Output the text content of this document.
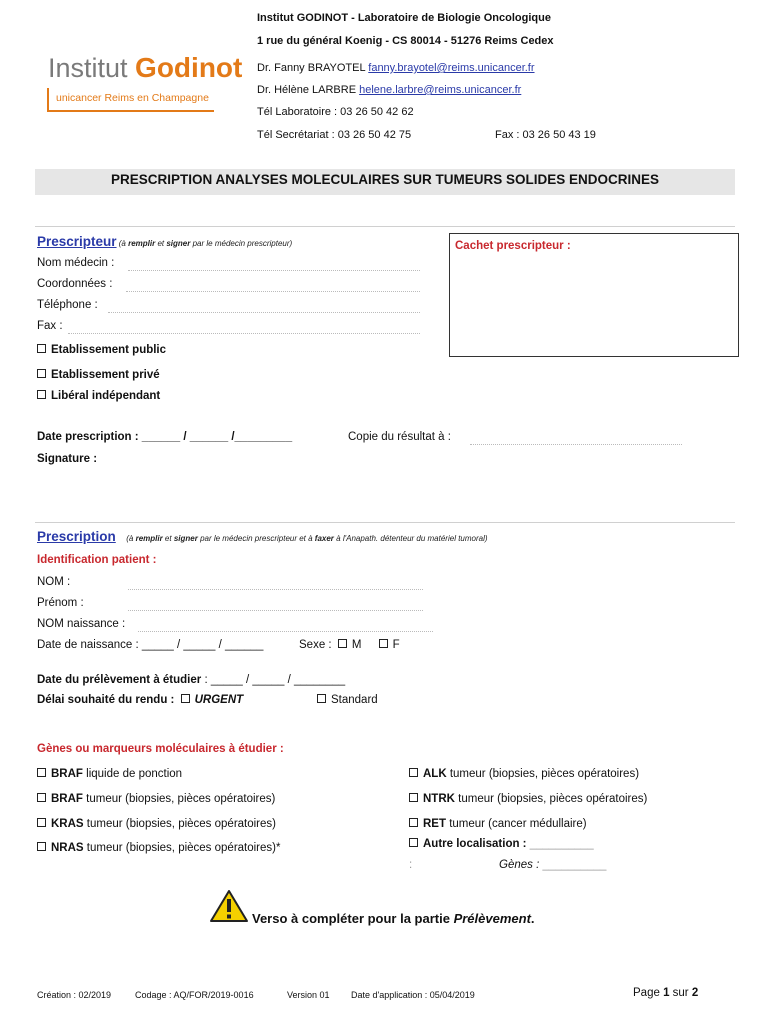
Institut GODINOT - Laboratoire de Biologie Oncologique
1 rue du général Koenig - CS 80014 - 51276 Reims Cedex
Dr. Fanny BRAYOTEL fanny.brayotel@reims.unicancer.fr
Dr. Hélène LARBRE helene.larbre@reims.unicancer.fr
Tél Laboratoire : 03 26 50 42 62
Tél Secrétariat : 03 26 50 42 75	Fax : 03 26 50 43 19
Institut Godinot
unicancer Reims en Champagne
PRESCRIPTION ANALYSES MOLECULAIRES SUR TUMEURS SOLIDES ENDOCRINES
Prescripteur (à remplir et signer par le médecin prescripteur)	Cachet prescripteur :
Nom médecin :
Coordonnées :
Téléphone :
Fax :
Etablissement public
Etablissement privé
Libéral indépendant
Date prescription : ______ / ______ /_________	Copie du résultat à :
Signature :
Prescription (à remplir et signer par le médecin prescripteur et à faxer à l'Anapath. détenteur du matériel tumoral)
Identification patient :
NOM :
Prénom :
NOM naissance :
Date de naissance : _____ / _____ / ______	Sexe : M	F
Date du prélèvement à étudier : _____ / _____ / ________
Délai souhaité du rendu : URGENT	Standard
Gènes ou marqueurs moléculaires à étudier :
BRAF liquide de ponction
BRAF tumeur (biopsies, pièces opératoires)
KRAS tumeur (biopsies, pièces opératoires)
NRAS tumeur (biopsies, pièces opératoires)*
ALK tumeur (biopsies, pièces opératoires)
NTRK tumeur (biopsies, pièces opératoires)
RET tumeur (cancer médullaire)
Autre localisation : __________
:	Gènes : __________
Verso à compléter pour la partie Prélèvement.
Création : 02/2019	Codage : AQ/FOR/2019-0016	Version 01 Date d'application : 05/04/2019	Page 1 sur 2
